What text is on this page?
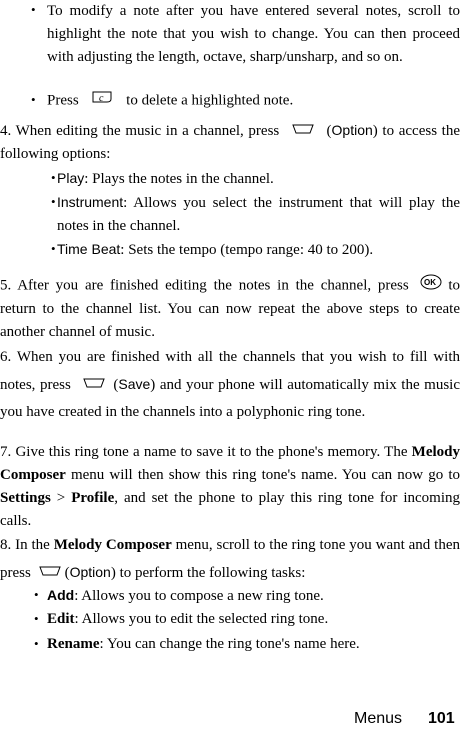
• To modify a note after you have entered several notes, scroll to highlight the note that you wish to change. You can then proceed with adjusting the length, octave, sharp/unsharp, and so on.
• Press c to delete a highlighted note.
4. When editing the music in a channel, press	(Option) to access the following options:
• Play: Plays the notes in the channel.
• Instrument: Allows you select the instrument that will play the notes in the channel.
• Time Beat: Sets the tempo (tempo range: 40 to 200).
5. After you are finished editing the notes in the channel, press OK to return to the channel list. You can now repeat the above steps to create another channel of music.
6. When you are finished with all the channels that you wish to fill with notes, press	(Save) and your phone will automatically mix the music you have created in the channels into a polyphonic ring tone.
7. Give this ring tone a name to save it to the phone's memory. The Melody Composer menu will then show this ring tone's name. You can now go to Settings > Profile, and set the phone to play this ring tone for incoming calls.
8. In the Melody Composer menu, scroll to the ring tone you want and then press (Option) to perform the following tasks:
• Add: Allows you to compose a new ring tone.
• Edit: Allows you to edit the selected ring tone.
• Rename: You can change the ring tone's name here.
Menus 101
